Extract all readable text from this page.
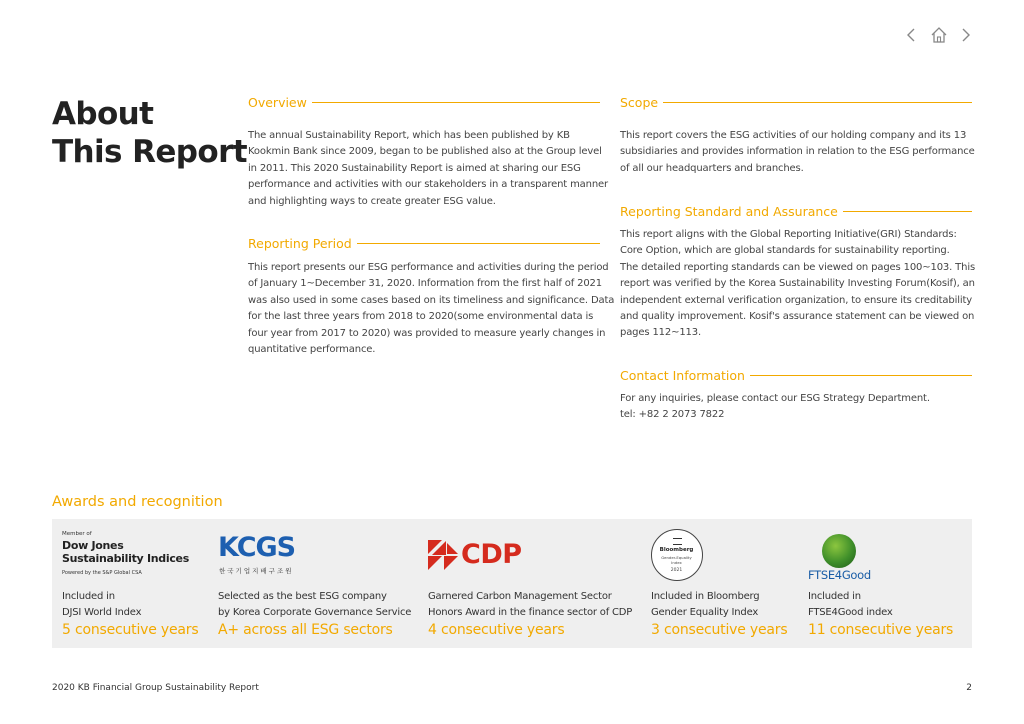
About
This Report
Overview

The annual Sustainability Report, which has been published by KB
Kookmin Bank since 2009, began to be published also at the Group level
in 2011. This 2020 Sustainability Report is aimed at sharing our ESG
performance and activities with our stakeholders in a transparent manner
and highlighting ways to create greater ESG value.

Reporting Period

This report presents our ESG performance and activities during the period
of January 1~December 31, 2020. Information from the first half of 2021
was also used in some cases based on its timeliness and significance. Data
for the last three years from 2018 to 2020(some environmental data is
four year from 2017 to 2020) was provided to measure yearly changes in
quantitative performance.

Scope

This report covers the ESG activities of our holding company and its 13
subsidiaries and provides information in relation to the ESG performance
of all our headquarters and branches.

Reporting Standard and Assurance

This report aligns with the Global Reporting Initiative(GRI) Standards:
Core Option, which are global standards for sustainability reporting.
The detailed reporting standards can be viewed on pages 100~103. This
report was verified by the Korea Sustainability Investing Forum(Kosif), an
independent external verification organization, to ensure its creditability
and quality improvement. Kosif's assurance statement can be viewed on
pages 112~113.

Contact Information

For any inquiries, please contact our ESG Strategy Department.
tel: +82 2 2073 7822

Awards and recognition
Member of
Dow Jones
Sustainability Indices
Powered by the S&P Global CSA
Included in
DJSI World Index
5 consecutive years
KCGS
한국기업지배구조원
Selected as the best ESG company
by Korea Corporate Governance Service
A+ across all ESG sectors
CDP
Garnered Carbon Management Sector
Honors Award in the finance sector of CDP
4 consecutive years
Bloomberg
Gender-Equality
Index
2021
Included in Bloomberg
Gender Equality Index
3 consecutive years
FTSE4Good
Included in
FTSE4Good index
11 consecutive years
2020 KB Financial Group Sustainability Report	2
